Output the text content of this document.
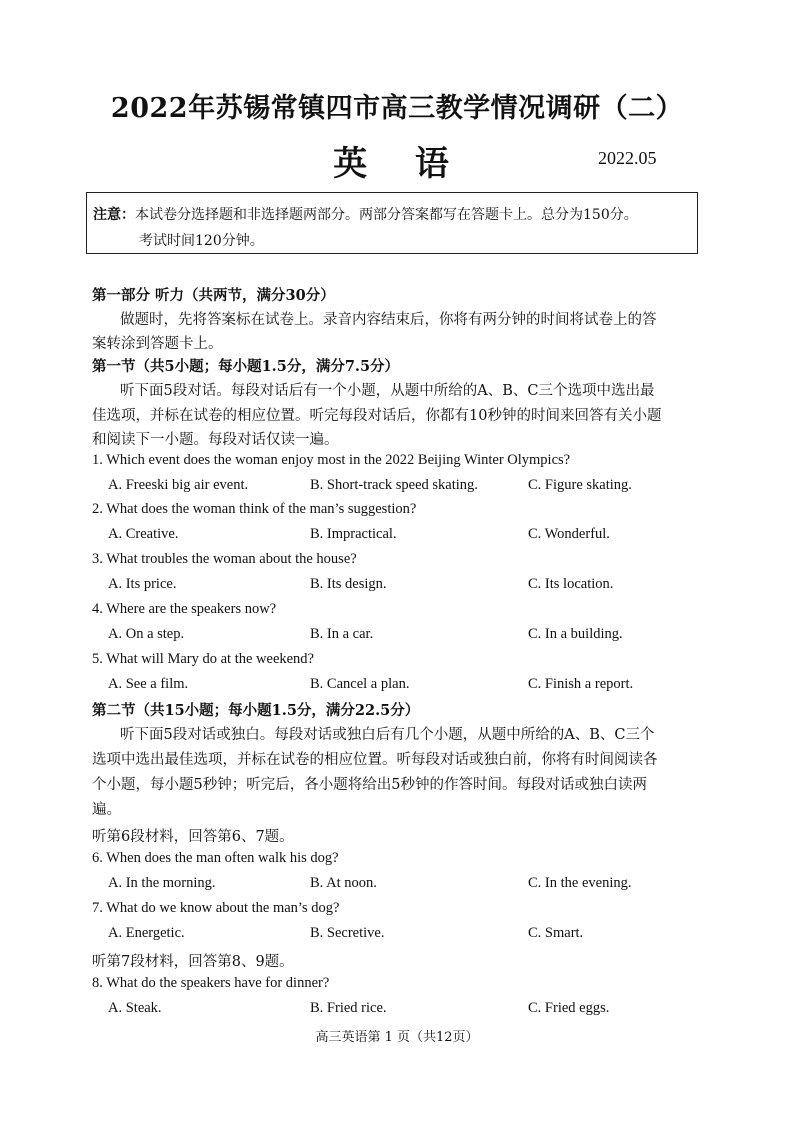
2022年苏锡常镇四市高三教学情况调研（二）
英 语	2022.05
注意：本试卷分选择题和非选择题两部分。两部分答案都写在答题卡上。总分为150分。
考试时间120分钟。
第一部分 听力（共两节，满分30分）
做题时，先将答案标在试卷上。录音内容结束后，你将有两分钟的时间将试卷上的答
案转涂到答题卡上。
第一节（共5小题；每小题1.5分，满分7.5分）
听下面5段对话。每段对话后有一个小题，从题中所给的A、B、C三个选项中选出最
佳选项，并标在试卷的相应位置。听完每段对话后，你都有10秒钟的时间来回答有关小题
和阅读下一小题。每段对话仅读一遍。
1. Which event does the woman enjoy most in the 2022 Beijing Winter Olympics?
A. Freeski big air event.	B. Short-track speed skating.	C. Figure skating.
2. What does the woman think of the man’s suggestion?
A. Creative.	B. Impractical.	C. Wonderful.
3. What troubles the woman about the house?
A. Its price.	B. Its design.	C. Its location.
4. Where are the speakers now?
A. On a step.	B. In a car.	C. In a building.
5. What will Mary do at the weekend?
A. See a film.	B. Cancel a plan.	C. Finish a report.
第二节（共15小题；每小题1.5分，满分22.5分）
听下面5段对话或独白。每段对话或独白后有几个小题，从题中所给的A、B、C三个
选项中选出最佳选项，并标在试卷的相应位置。听每段对话或独白前，你将有时间阅读各
个小题，每小题5秒钟；听完后，各小题将给出5秒钟的作答时间。每段对话或独白读两
遍。
听第6段材料，回答第6、7题。
6. When does the man often walk his dog?
A. In the morning.	B. At noon.	C. In the evening.
7. What do we know about the man’s dog?
A. Energetic.	B. Secretive.	C. Smart.
听第7段材料，回答第8、9题。
8. What do the speakers have for dinner?
A. Steak.	B. Fried rice.	C. Fried eggs.
高三英语第 1 页（共12页）
